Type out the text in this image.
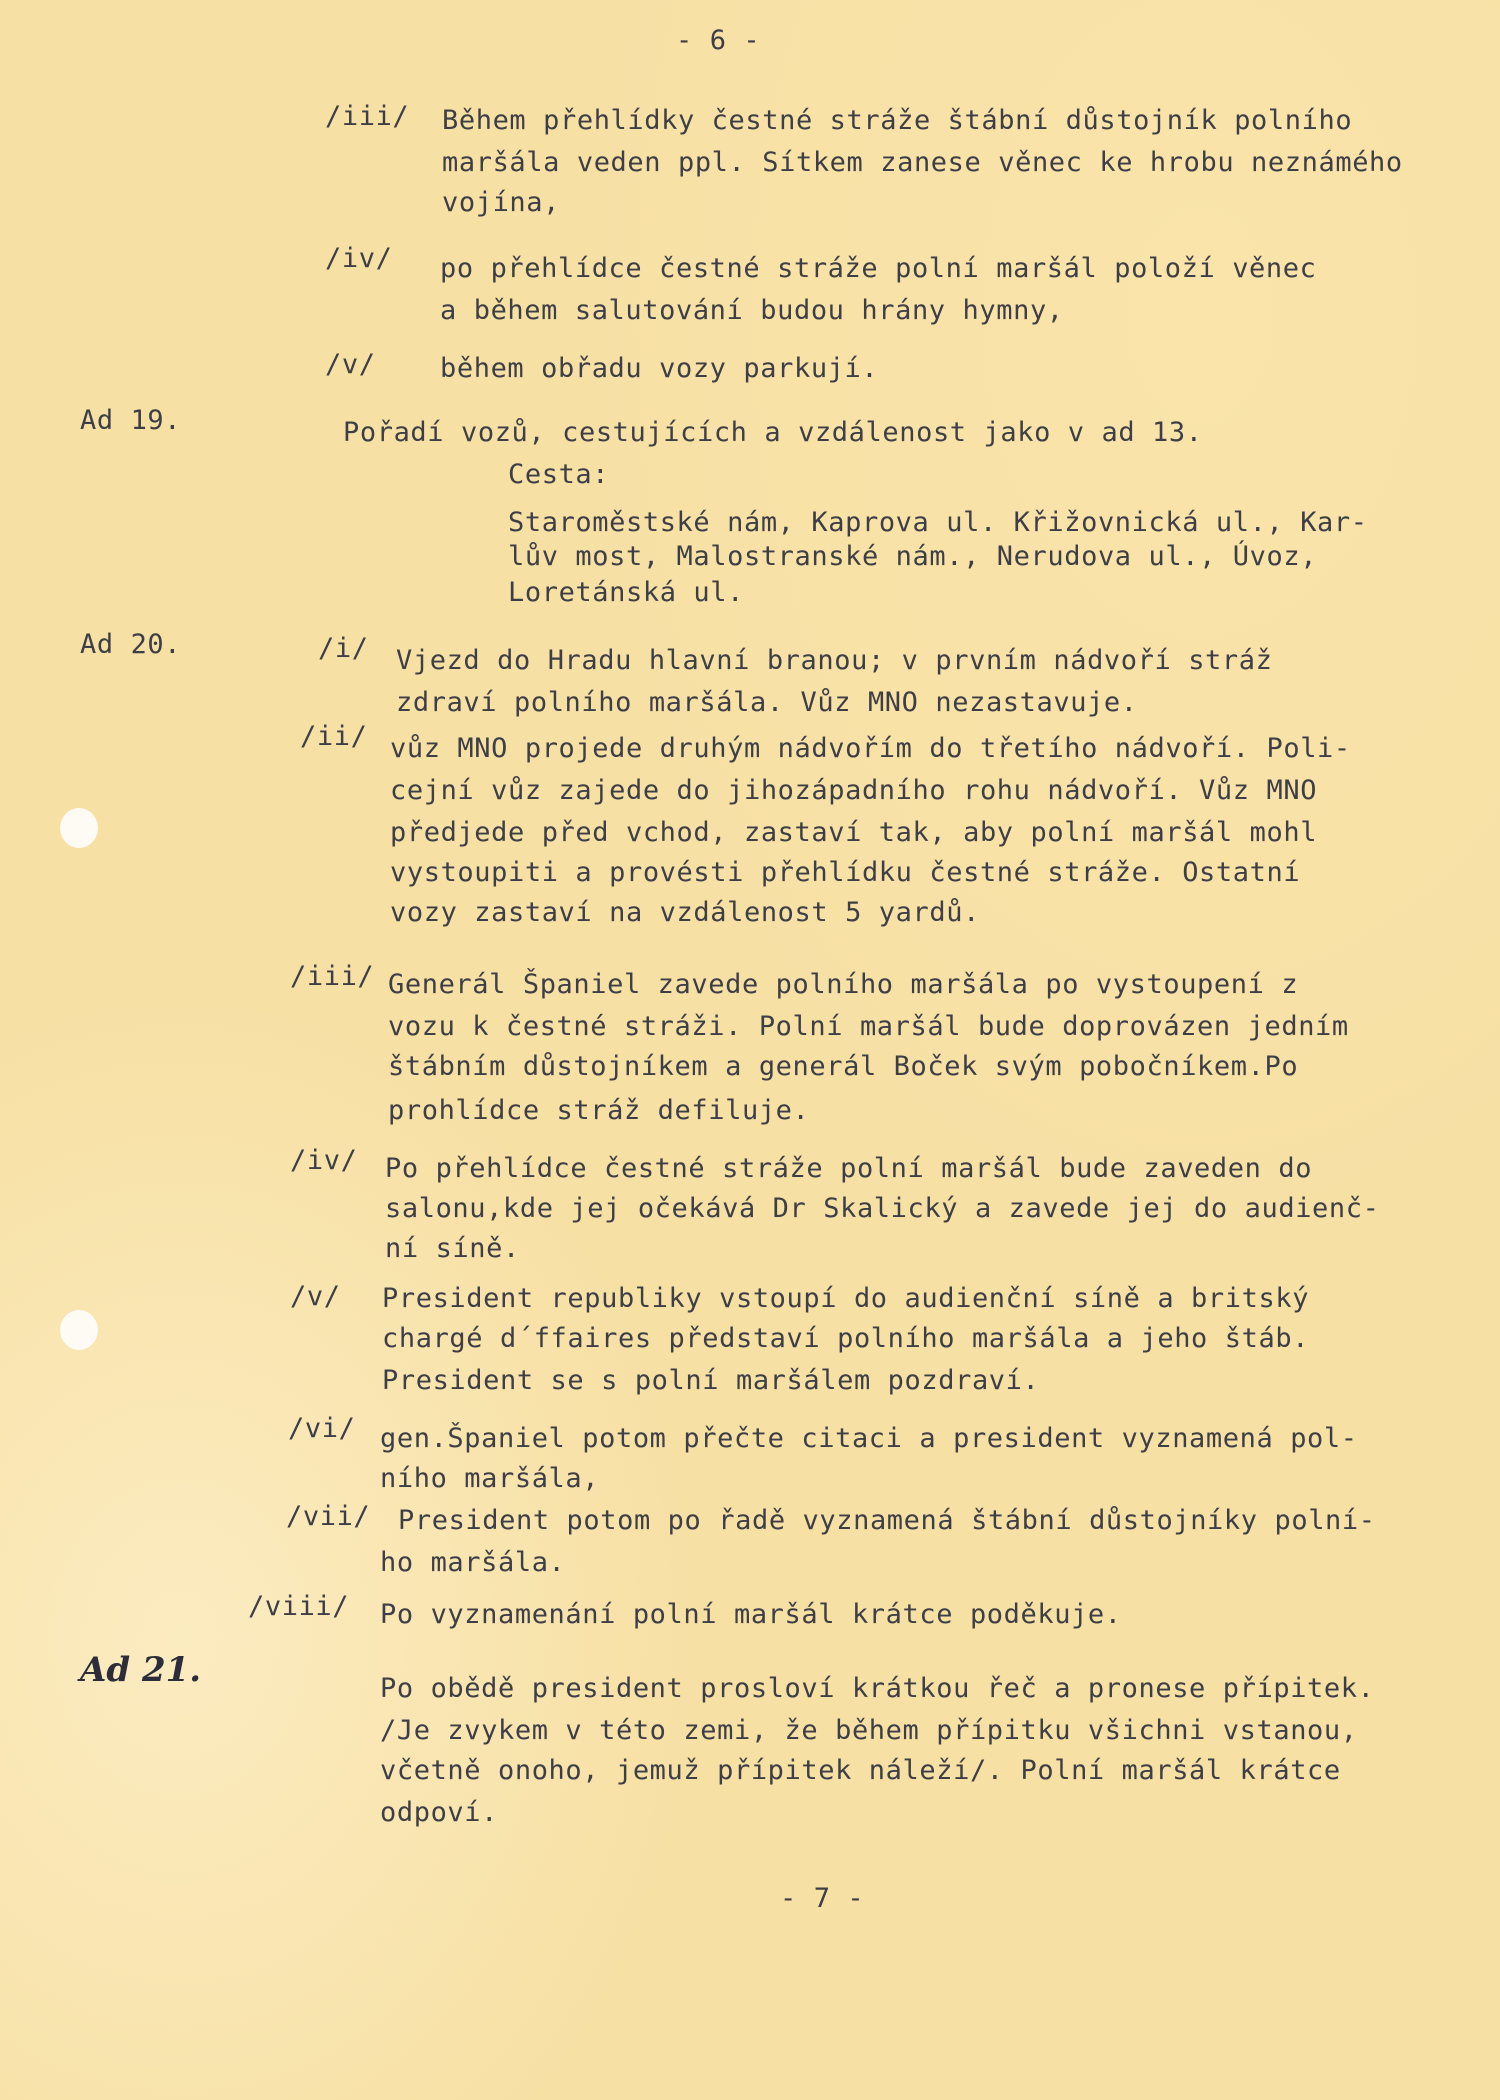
- 6 -
/iii/ Během přehlídky čestné stráže štábní důstojník polního
maršála veden ppl. Sítkem zanese věnec ke hrobu neznámého
vojína,
/iv/ po přehlídce čestné stráže polní maršál položí věnec
a během salutování budou hrány hymny,
/v/ během obřadu vozy parkují.
Ad 19.	Pořadí vozů, cestujících a vzdálenost jako v ad 13.
Cesta:
Staroměstské nám, Kaprova ul. Křižovnická ul., Kar-
lův most, Malostranské nám., Nerudova ul., Úvoz,
Loretánská ul.
Ad 20.	/i/ Vjezd do Hradu hlavní branou; v prvním nádvoří stráž
zdraví polního maršála. Vůz MNO nezastavuje.
/ii/ vůz MNO projede druhým nádvořím do třetího nádvoří. Poli-
cejní vůz zajede do jihozápadního rohu nádvoří. Vůz MNO
předjede před vchod, zastaví tak, aby polní maršál mohl
vystoupiti a provésti přehlídku čestné stráže. Ostatní
vozy zastaví na vzdálenost 5 yardů.
/iii/ Generál Španiel zavede polního maršála po vystoupení z
vozu k čestné stráži. Polní maršál bude doprovázen jedním
štábním důstojníkem a generál Boček svým pobočníkem.Po
prohlídce stráž defiluje.
/iv/ Po přehlídce čestné stráže polní maršál bude zaveden do
salonu,kde jej očekává Dr Skalický a zavede jej do audienč-
ní síně.
/v/ President republiky vstoupí do audienční síně a britský
chargé d´ffaires představí polního maršála a jeho štáb.
President se s polní maršálem pozdraví.
/vi/ gen.Španiel potom přečte citaci a president vyznamená pol-
ního maršála,
/vii/ President potom po řadě vyznamená štábní důstojníky polní-
ho maršála.
/viii/ Po vyznamenání polní maršál krátce poděkuje.
Ad 21.	Po obědě president prosloví krátkou řeč a pronese přípitek.
/Je zvykem v této zemi, že během přípitku všichni vstanou,
včetně onoho, jemuž přípitek náleží/. Polní maršál krátce
odpoví.
- 7 -
